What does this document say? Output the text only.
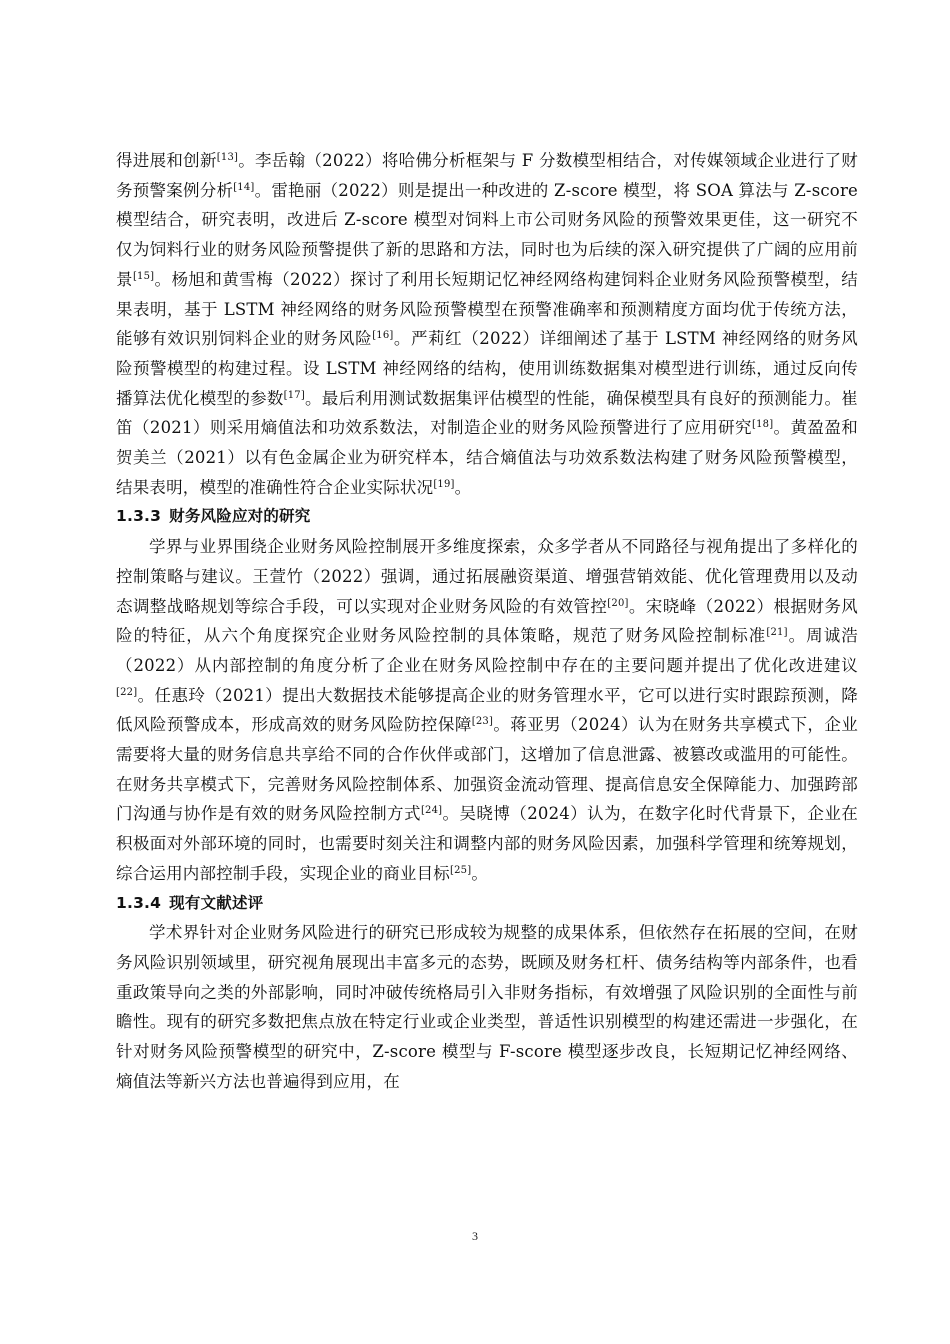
得进展和创新[13]。李岳翰（2022）将哈佛分析框架与 F 分数模型相结合，对传媒领域企业进行了财务预警案例分析[14]。雷艳丽（2022）则是提出一种改进的 Z-score 模型，将 SOA 算法与 Z-score 模型结合，研究表明，改进后 Z-score 模型对饲料上市公司财务风险的预警效果更佳，这一研究不仅为饲料行业的财务风险预警提供了新的思路和方法，同时也为后续的深入研究提供了广阔的应用前景[15]。杨旭和黄雪梅（2022）探讨了利用长短期记忆神经网络构建饲料企业财务风险预警模型，结果表明，基于 LSTM 神经网络的财务风险预警模型在预警准确率和预测精度方面均优于传统方法，能够有效识别饲料企业的财务风险[16]。严莉红（2022）详细阐述了基于 LSTM 神经网络的财务风险预警模型的构建过程。设 LSTM 神经网络的结构，使用训练数据集对模型进行训练，通过反向传播算法优化模型的参数[17]。最后利用测试数据集评估模型的性能，确保模型具有良好的预测能力。崔笛（2021）则采用熵值法和功效系数法，对制造企业的财务风险预警进行了应用研究[18]。黄盈盈和贺美兰（2021）以有色金属企业为研究样本，结合熵值法与功效系数法构建了财务风险预警模型，结果表明，模型的准确性符合企业实际状况[19]。

1.3.3 财务风险应对的研究

学界与业界围绕企业财务风险控制展开多维度探索，众多学者从不同路径与视角提出了多样化的控制策略与建议。王萱竹（2022）强调，通过拓展融资渠道、增强营销效能、优化管理费用以及动态调整战略规划等综合手段，可以实现对企业财务风险的有效管控[20]。宋晓峰（2022）根据财务风险的特征，从六个角度探究企业财务风险控制的具体策略，规范了财务风险控制标准[21]。周诚浩（2022）从内部控制的角度分析了企业在财务风险控制中存在的主要问题并提出了优化改进建议[22]。任惠玲（2021）提出大数据技术能够提高企业的财务管理水平，它可以进行实时跟踪预测，降低风险预警成本，形成高效的财务风险防控保障[23]。蒋亚男（2024）认为在财务共享模式下，企业需要将大量的财务信息共享给不同的合作伙伴或部门，这增加了信息泄露、被篡改或滥用的可能性。在财务共享模式下，完善财务风险控制体系、加强资金流动管理、提高信息安全保障能力、加强跨部门沟通与协作是有效的财务风险控制方式[24]。吴晓博（2024）认为，在数字化时代背景下，企业在积极面对外部环境的同时，也需要时刻关注和调整内部的财务风险因素，加强科学管理和统筹规划，综合运用内部控制手段，实现企业的商业目标[25]。

1.3.4 现有文献述评

学术界针对企业财务风险进行的研究已形成较为规整的成果体系，但依然存在拓展的空间，在财务风险识别领域里，研究视角展现出丰富多元的态势，既顾及财务杠杆、债务结构等内部条件，也看重政策导向之类的外部影响，同时冲破传统格局引入非财务指标，有效增强了风险识别的全面性与前瞻性。现有的研究多数把焦点放在特定行业或企业类型，普适性识别模型的构建还需进一步强化，在针对财务风险预警模型的研究中，Z-score 模型与 F-score 模型逐步改良，长短期记忆神经网络、熵值法等新兴方法也普遍得到应用，在

3
